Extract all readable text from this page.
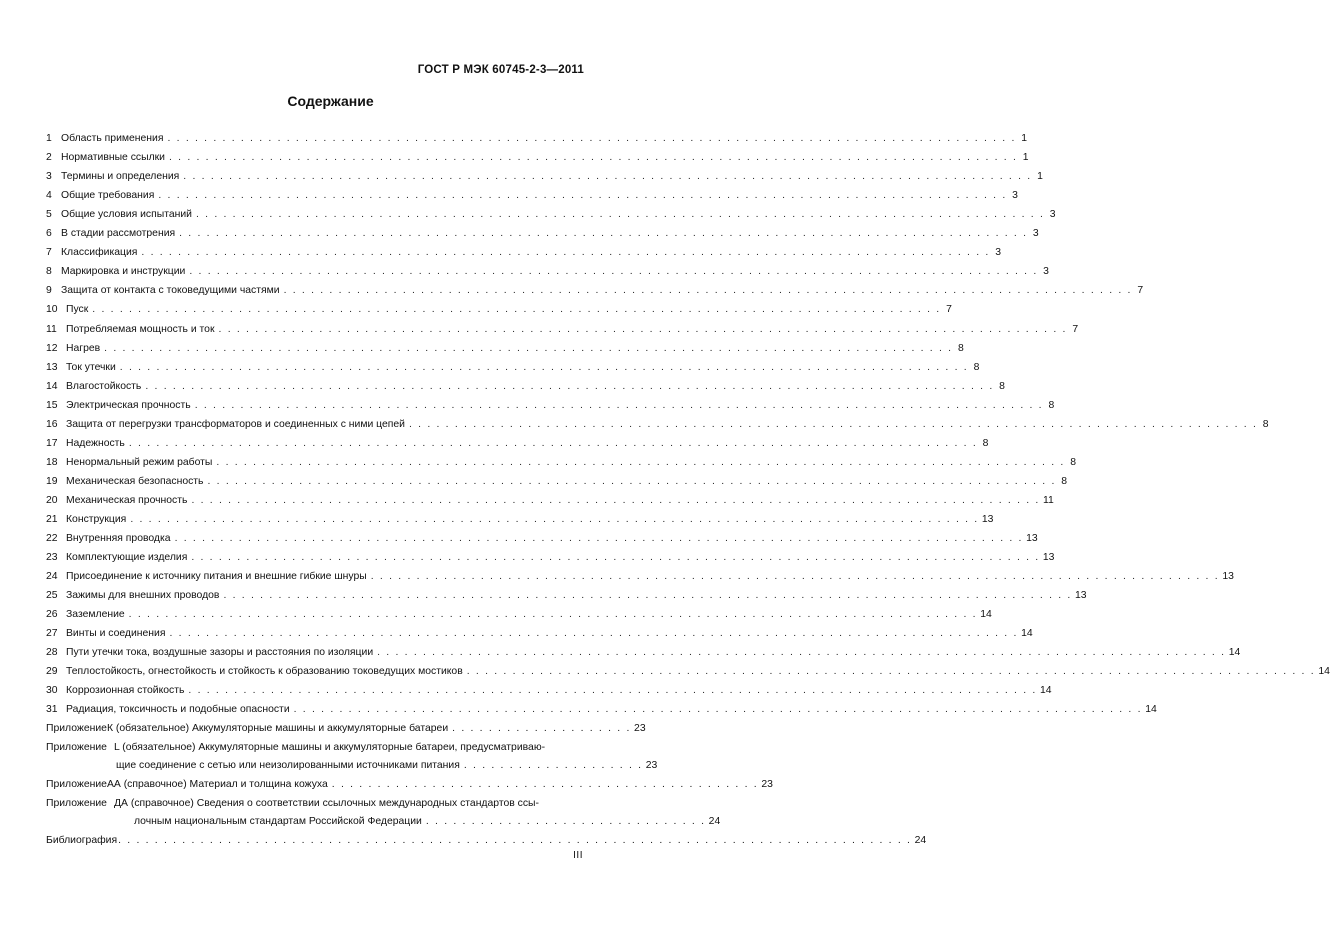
ГОСТ Р МЭК 60745-2-3—2011
Содержание
1 Область применения . . .	1
2 Нормативные ссылки . . .	1
3 Термины и определения . . .	1
4 Общие требования . . .	3
5 Общие условия испытаний . . .	3
6 В стадии рассмотрения . . .	3
7 Классификация . . .	3
8 Маркировка и инструкции . . .	3
9 Защита от контакта с токоведущими частями . . .	7
10 Пуск . . .	7
11 Потребляемая мощность и ток . . .	7
12 Нагрев . . .	8
13 Ток утечки . . .	8
14 Влагостойкость . . .	8
15 Электрическая прочность . . .	8
16 Защита от перегрузки трансформаторов и соединенных с ними цепей . . .	8
17 Надежность . . .	8
18 Ненормальный режим работы . . .	8
19 Механическая безопасность . . .	8
20 Механическая прочность . . .	11
21 Конструкция . . .	13
22 Внутренняя проводка . . .	13
23 Комплектующие изделия . . .	13
24 Присоединение к источнику питания и внешние гибкие шнуры . . .	13
25 Зажимы для внешних проводов . . .	13
26 Заземление . . .	14
27 Винты и соединения . . .	14
28 Пути утечки тока, воздушные зазоры и расстояния по изоляции . . .	14
29 Теплостойкость, огнестойкость и стойкость к образованию токоведущих мостиков . . .	14
30 Коррозионная стойкость . . .	14
31 Радиация, токсичность и подобные опасности . . .	14
Приложение К (обязательное) Аккумуляторные машины и аккумуляторные батареи . . . . . . . . . . . . . . . . . . . . 23
Приложение L (обязательное) Аккумуляторные машины и аккумуляторные батареи, предусматриваю-
щие соединение с сетью или неизолированными источниками питания . . . . . . . . . . . . . . . . . . . . 23
Приложение АА (справочное) Материал и толщина кожуха . . . . . . . . . . . . . . . . . . . . . . . . . . . . . . . . . . . . . . . . . . . . . . . 23
Приложение ДА (справочное) Сведения о соответствии ссылочных международных стандартов ссы-
лочным национальным стандартам Российской Федерации . . . . . . . . . . . . . . . . . . . . . . . . . . . . . . . 24
Библиография . . . . . . . . . . . . . . . . . . . . . . . . . . . . . . . . . . . . . . . . . . . . . . . . . . . . . . . . . . . . . . . . . . . . . . . . . . . . . . . . . . . . . . . 24
III
